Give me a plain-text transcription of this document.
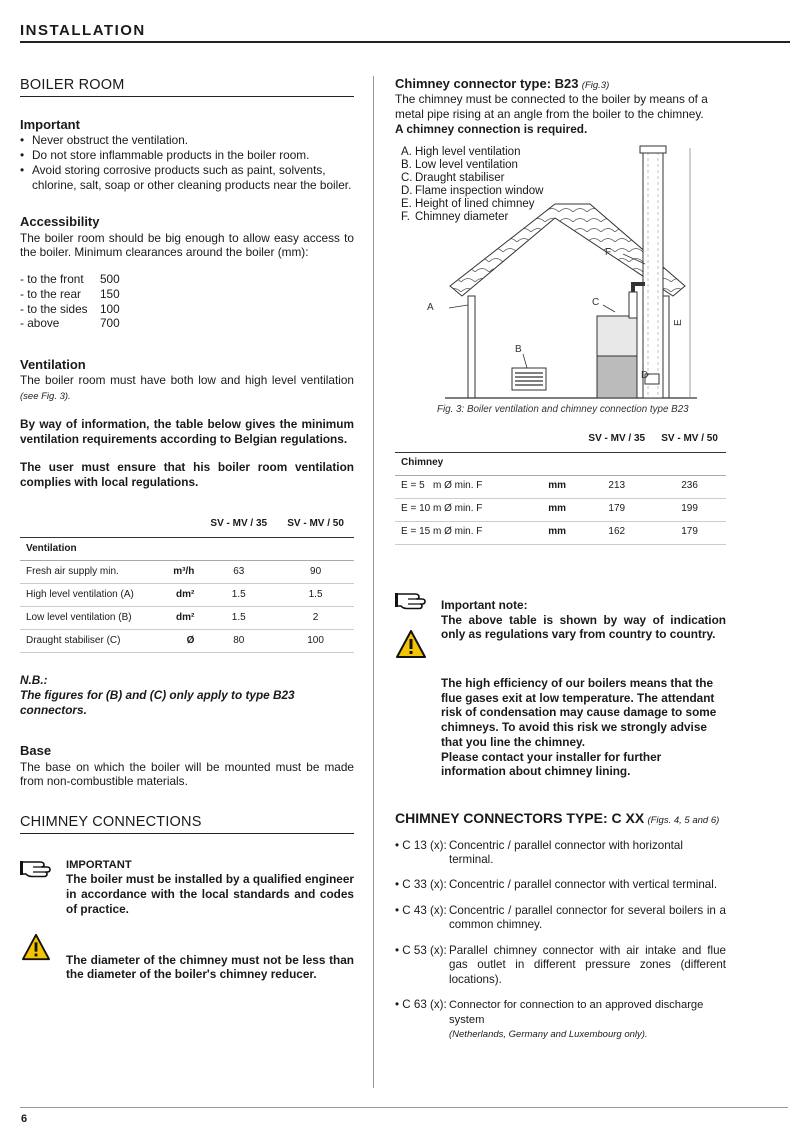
INSTALLATION
BOILER ROOM
Important
• Never obstruct the ventilation.
• Do not store inflammable products in the boiler room.
• Avoid storing corrosive products such as paint, solvents, chlorine, salt, soap or other cleaning products near the boiler.
Accessibility

The boiler room should be big enough to allow easy access to the boiler. Minimum clearances around the boiler (mm):

- to the front	500
- to the rear	150
- to the sides	100
- above	700
Ventilation

The boiler room must have both low and high level ventilation (see Fig. 3).

By way of information, the table below gives the minimum ventilation requirements according to Belgian regulations.

The user must ensure that his boiler room ventilation complies with local regulations.

		SV - MV / 35	SV - MV / 50
Ventilation			
Fresh air supply min.	m³/h	63	90
High level ventilation (A)	dm²	1.5	1.5
Low level ventilation (B)	dm²	1.5	2
Draught stabiliser (C)	Ø	80	100

N.B.:

The figures for (B) and (C) only apply to type B23 connectors.

Base

The base on which the boiler will be mounted must be made from non-combustible materials.

CHIMNEY CONNECTIONS

IMPORTANT

The boiler must be installed by a qualified engineer in accordance with the local standards and codes of practice.

The diameter of the chimney must not be less than the diameter of the boiler's chimney reducer.

Chimney connector type: B23 (Fig.3)

The chimney must be connected to the boiler by means of a metal pipe rising at an angle from the boiler to the chimney.

A chimney connection is required.

A. High level ventilation
B. Low level ventilation
C. Draught stabiliser
D. Flame inspection window
E. Height of lined chimney
F. Chimney diameter
F
E
A	C
B
D

Fig. 3: Boiler ventilation and chimney connection type B23

		SV - MV / 35	SV - MV / 50
Chimney			
E = 5   m Ø min. F	mm	213	236
E = 10 m Ø min. F	mm	179	199
E = 15 m Ø min. F	mm	162	179

Important note:

The above table is shown by way of indication only as regulations vary from country to country.

The high efficiency of our boilers means that the flue gases exit at low temperature. The attendant risk of condensation may cause damage to some chimneys. To avoid this risk we strongly advise that you line the chimney.

Please contact your installer for further information about chimney lining.

CHIMNEY CONNECTORS TYPE: C XX (Figs. 4, 5 and 6)

• C 13 (x): Concentric / parallel connector with horizontal terminal.
• C 33 (x): Concentric / parallel connector with vertical terminal.
• C 43 (x): Concentric / parallel connector for several boilers in a common chimney.
• C 53 (x): Parallel chimney connector with air intake and flue gas outlet in different pressure zones (different locations).
• C 63 (x): Connector for connection to an approved discharge system
(Netherlands, Germany and Luxembourg only).
6
